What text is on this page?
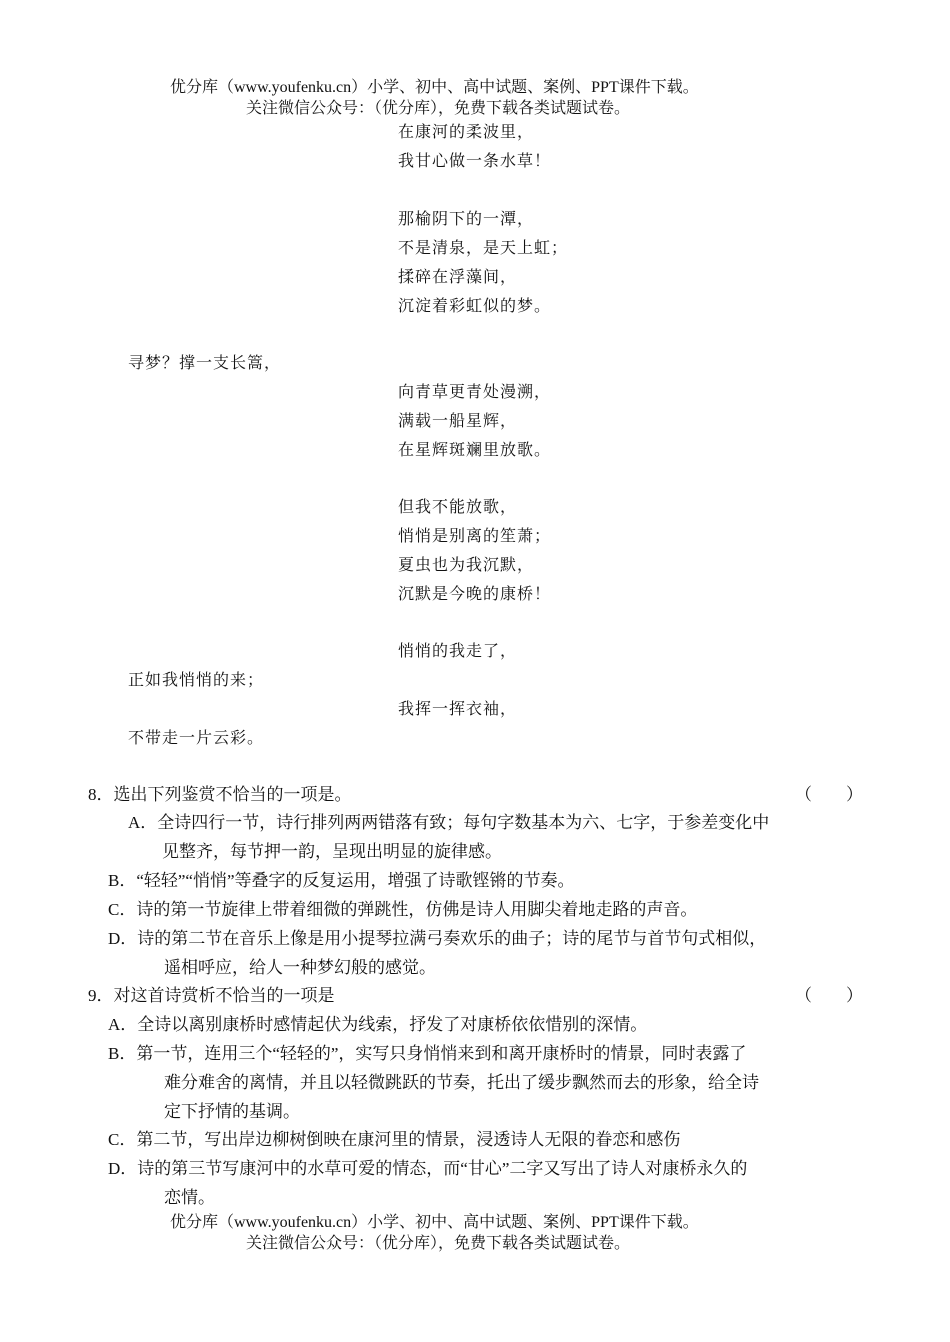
优分库（www.youfenku.cn）小学、初中、高中试题、案例、PPT课件下载。
关注微信公众号：（优分库），免费下载各类试题试卷。
在康河的柔波里，
我甘心做一条水草！
那榆阴下的一潭，
不是清泉，是天上虹；
揉碎在浮藻间，
沉淀着彩虹似的梦。
寻梦？撑一支长篙，
向青草更青处漫溯，
满载一船星辉，
在星辉斑斓里放歌。
但我不能放歌，
悄悄是别离的笙萧；
夏虫也为我沉默，
沉默是今晚的康桥！
悄悄的我走了，
正如我悄悄的来；
我挥一挥衣袖，
不带走一片云彩。
8．选出下列鉴赏不恰当的一项是。	（　　）
A．全诗四行一节，诗行排列两两错落有致；每句字数基本为六、七字，于参差变化中
见整齐，每节押一韵，呈现出明显的旋律感。
B．“轻轻”“悄悄”等叠字的反复运用，增强了诗歌铿锵的节奏。
C．诗的第一节旋律上带着细微的弹跳性，仿佛是诗人用脚尖着地走路的声音。
D．诗的第二节在音乐上像是用小提琴拉满弓奏欢乐的曲子；诗的尾节与首节句式相似，
遥相呼应，给人一种梦幻般的感觉。
9．对这首诗赏析不恰当的一项是	（　　）
A．全诗以离别康桥时感情起伏为线索，抒发了对康桥依依惜别的深情。
B．第一节，连用三个“轻轻的”，实写只身悄悄来到和离开康桥时的情景，同时表露了
难分难舍的离情，并且以轻微跳跃的节奏，托出了缓步飘然而去的形象，给全诗
定下抒情的基调。
C．第二节，写出岸边柳树倒映在康河里的情景，浸透诗人无限的眷恋和感伤
D．诗的第三节写康河中的水草可爱的情态，而“甘心”二字又写出了诗人对康桥永久的
恋情。
优分库（www.youfenku.cn）小学、初中、高中试题、案例、PPT课件下载。
关注微信公众号：（优分库），免费下载各类试题试卷。
